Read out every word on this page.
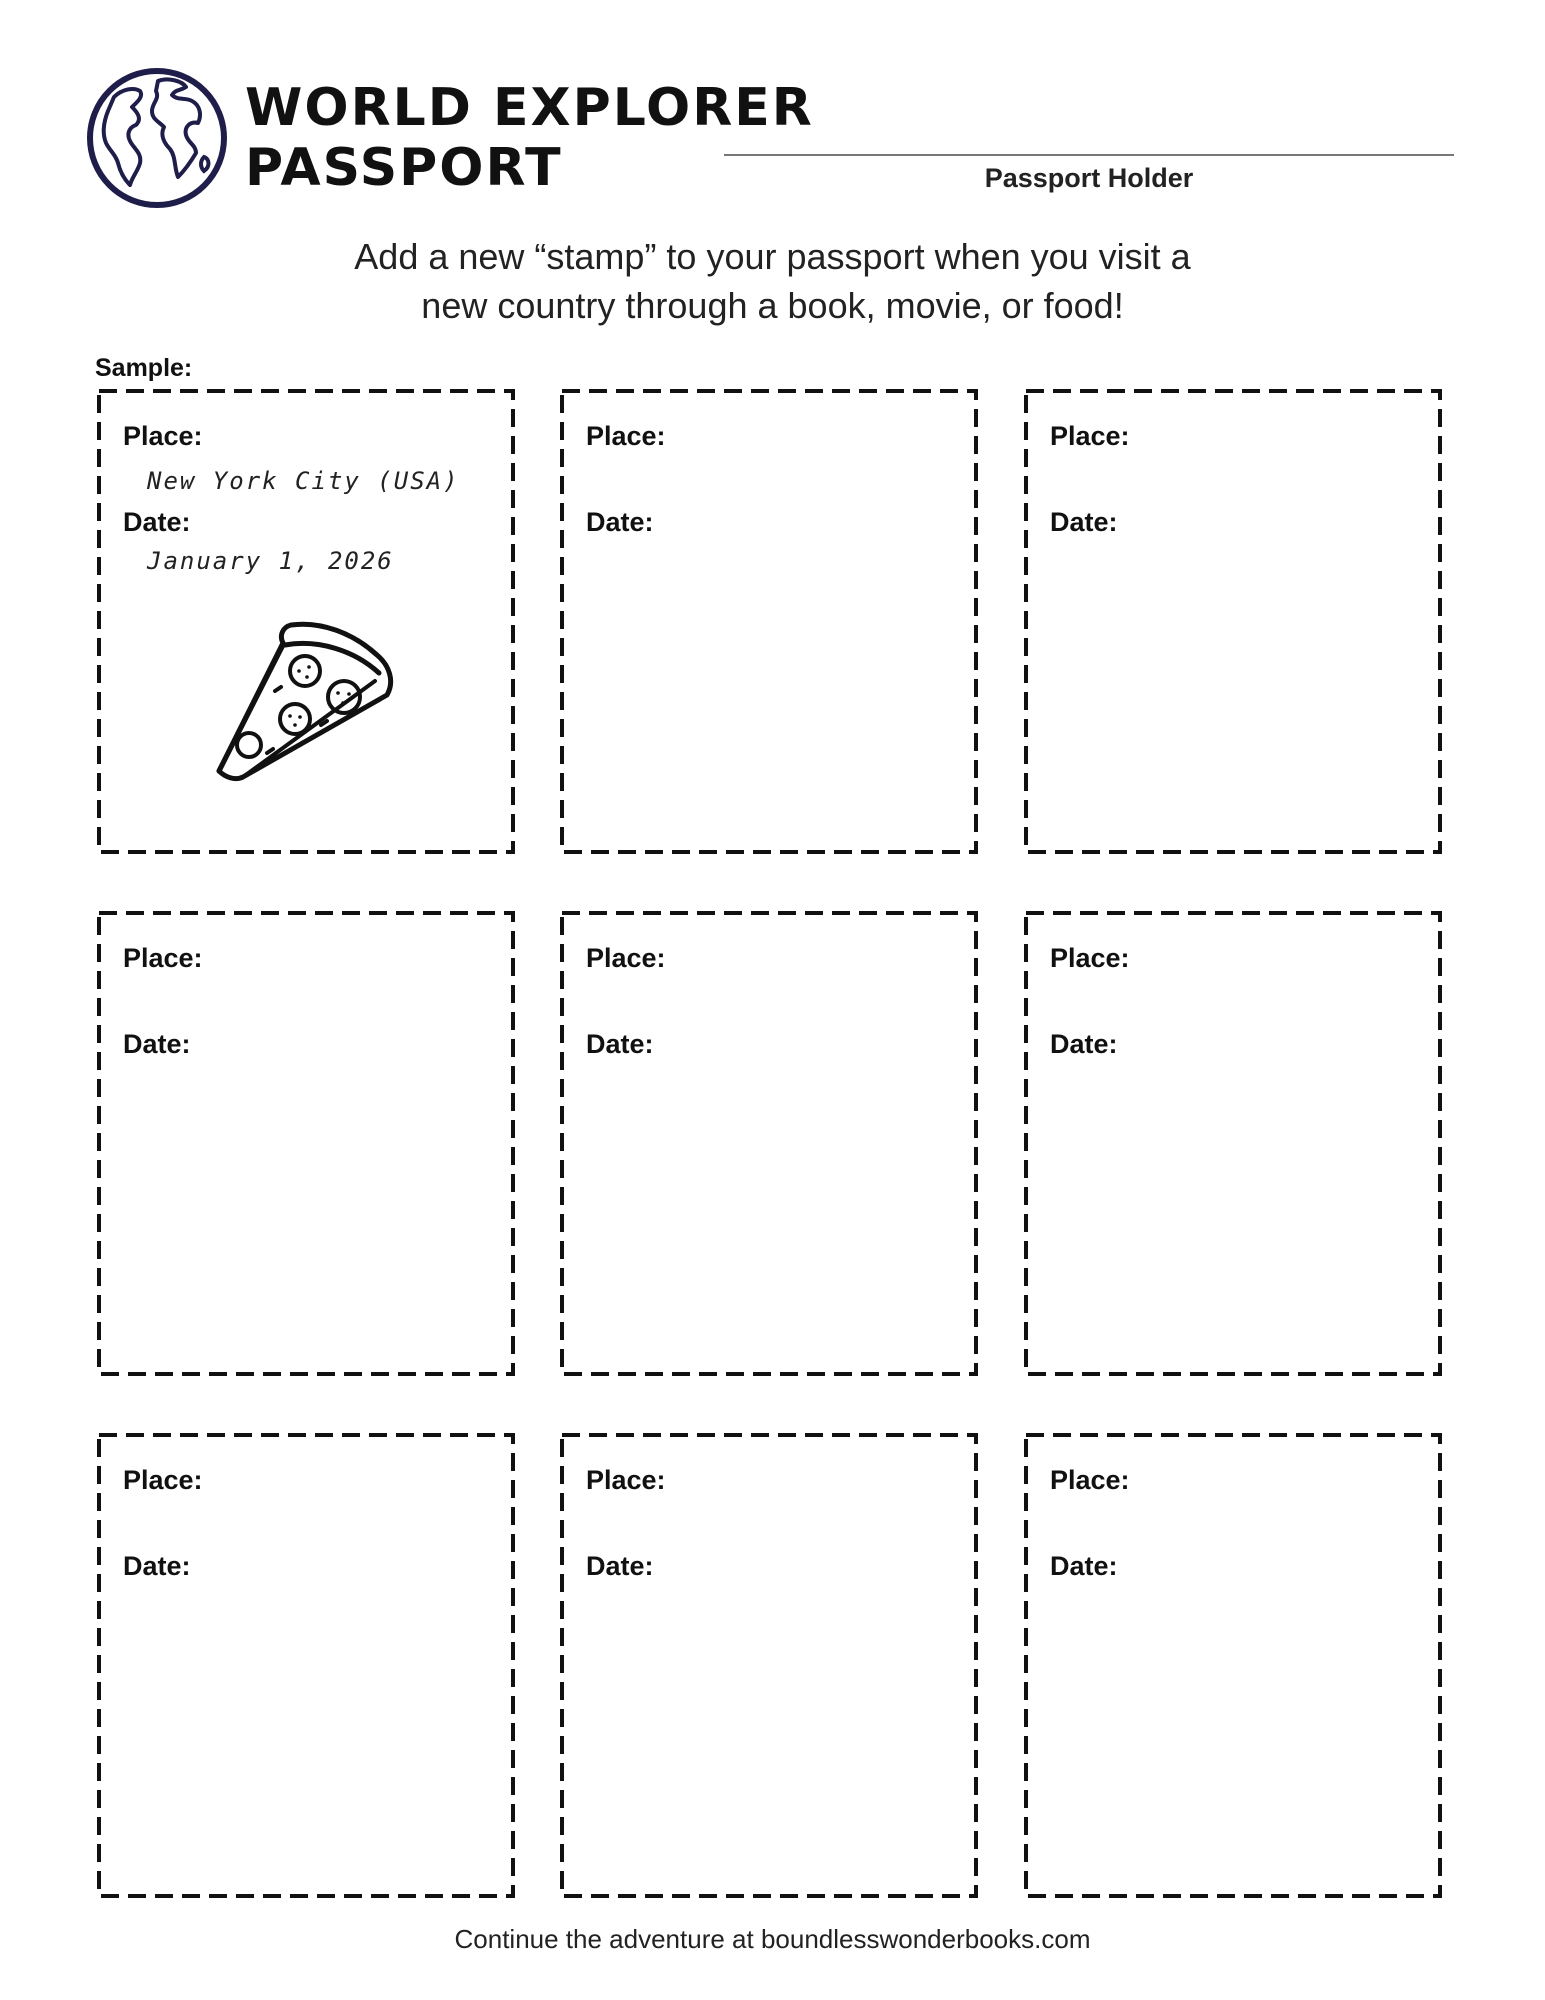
WORLD EXPLORER
PASSPORT	Passport Holder
Add a new “stamp” to your passport when you visit a
new country through a book, movie, or food!
Sample:
Place:
New York City (USA)
Date:
January 1, 2026
Place:
Date:
Place:
Date:
Place:
Date:
Place:
Date:
Place:
Date:
Place:
Date:
Place:
Date:
Place:
Date:
Continue the adventure at boundlesswonderbooks.com
